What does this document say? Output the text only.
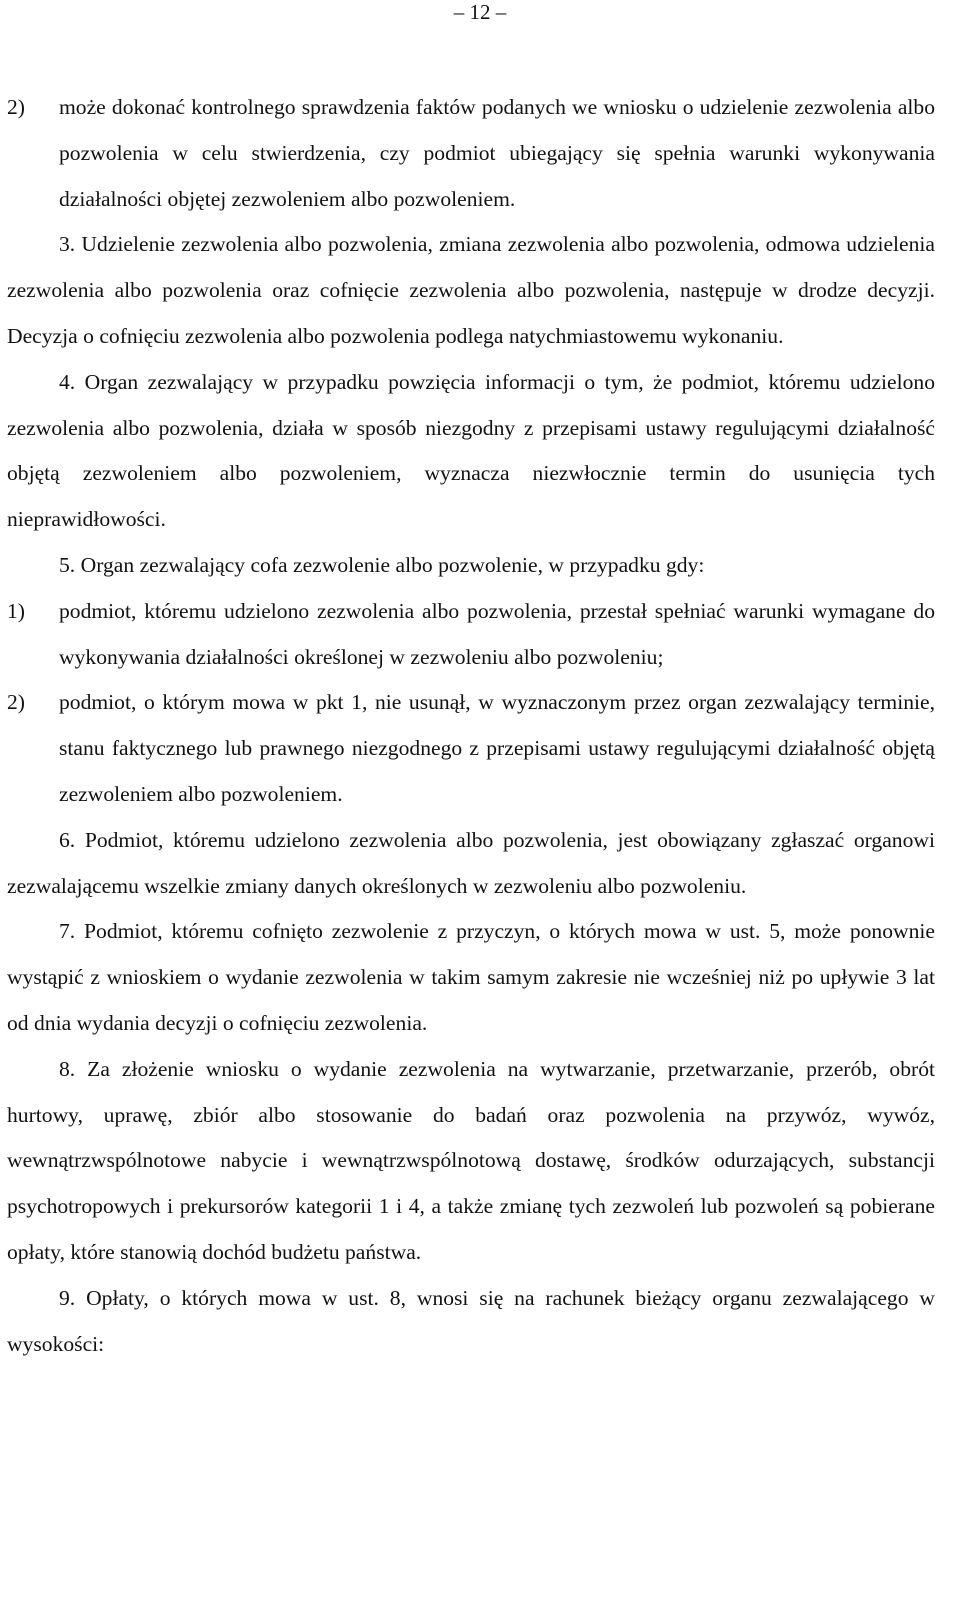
– 12 –
2) może dokonać kontrolnego sprawdzenia faktów podanych we wniosku o udzielenie zezwolenia albo pozwolenia w celu stwierdzenia, czy podmiot ubiegający się spełnia warunki wykonywania działalności objętej zezwoleniem albo pozwoleniem.

3. Udzielenie zezwolenia albo pozwolenia, zmiana zezwolenia albo pozwolenia, odmowa udzielenia zezwolenia albo pozwolenia oraz cofnięcie zezwolenia albo pozwolenia, następuje w drodze decyzji. Decyzja o cofnięciu zezwolenia albo pozwolenia podlega natychmiastowemu wykonaniu.

4. Organ zezwalający w przypadku powzięcia informacji o tym, że podmiot, któremu udzielono zezwolenia albo pozwolenia, działa w sposób niezgodny z przepisami ustawy regulującymi działalność objętą zezwoleniem albo pozwoleniem, wyznacza niezwłocznie termin do usunięcia tych nieprawidłowości.

5. Organ zezwalający cofa zezwolenie albo pozwolenie, w przypadku gdy:

1) podmiot, któremu udzielono zezwolenia albo pozwolenia, przestał spełniać warunki wymagane do wykonywania działalności określonej w zezwoleniu albo pozwoleniu;
2) podmiot, o którym mowa w pkt 1, nie usunął, w wyznaczonym przez organ zezwalający terminie, stanu faktycznego lub prawnego niezgodnego z przepisami ustawy regulującymi działalność objętą zezwoleniem albo pozwoleniem.

6. Podmiot, któremu udzielono zezwolenia albo pozwolenia, jest obowiązany zgłaszać organowi zezwalającemu wszelkie zmiany danych określonych w zezwoleniu albo pozwoleniu.

7. Podmiot, któremu cofnięto zezwolenie z przyczyn, o których mowa w ust. 5, może ponownie wystąpić z wnioskiem o wydanie zezwolenia w takim samym zakresie nie wcześniej niż po upływie 3 lat od dnia wydania decyzji o cofnięciu zezwolenia.

8. Za złożenie wniosku o wydanie zezwolenia na wytwarzanie, przetwarzanie, przerób, obrót hurtowy, uprawę, zbiór albo stosowanie do badań oraz pozwolenia na przywóz, wywóz, wewnątrzwspólnotowe nabycie i wewnątrzwspólnotową dostawę, środków odurzających, substancji psychotropowych i prekursorów kategorii 1 i 4, a także zmianę tych zezwoleń lub pozwoleń są pobierane opłaty, które stanowią dochód budżetu państwa.

9. Opłaty, o których mowa w ust. 8, wnosi się na rachunek bieżący organu zezwalającego w wysokości:
